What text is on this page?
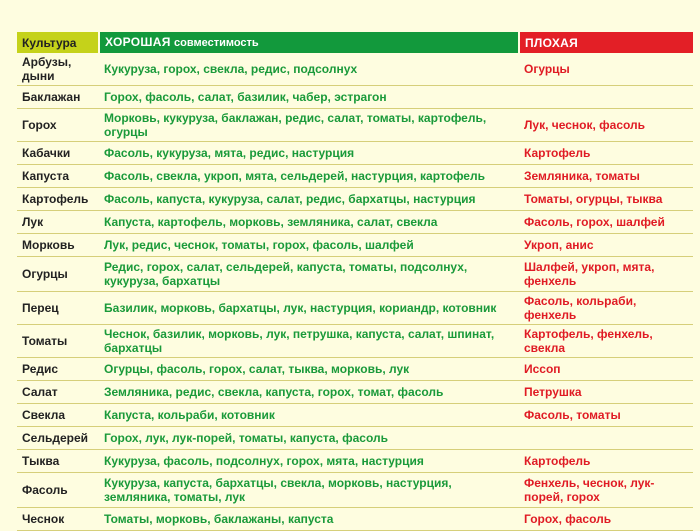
Культура	ХОРОШАЯ совместимость	ПЛОХАЯ
Арбузы, дыни	Кукуруза, горох, свекла, редис, подсолнух	Огурцы
Баклажан	Горох, фасоль, салат, базилик, чабер, эстрагон	
Горох	Морковь, кукуруза, баклажан, редис, салат, томаты, картофель, огурцы	Лук, чеснок, фасоль
Кабачки	Фасоль, кукуруза, мята, редис, настурция	Картофель
Капуста	Фасоль, свекла, укроп, мята, сельдерей, настурция, картофель	Земляника, томаты
Картофель	Фасоль, капуста, кукуруза, салат, редис, бархатцы, настурция	Томаты, огурцы, тыква
Лук	Капуста, картофель, морковь, земляника, салат, свекла	Фасоль, горох, шалфей
Морковь	Лук, редис, чеснок, томаты, горох, фасоль, шалфей	Укроп, анис
Огурцы	Редис, горох, салат, сельдерей, капуста, томаты, подсолнух, кукуруза, бархатцы	Шалфей, укроп, мята, фенхель
Перец	Базилик, морковь, бархатцы, лук, настурция, кориандр, котовник	Фасоль, кольраби, фенхель
Томаты	Чеснок, базилик, морковь, лук, петрушка, капуста, салат, шпинат, бархатцы	Картофель, фенхель, свекла
Редис	Огурцы, фасоль, горох, салат, тыква, морковь, лук	Иссоп
Салат	Земляника, редис, свекла, капуста, горох, томат, фасоль	Петрушка
Свекла	Капуста, кольраби, котовник	Фасоль, томаты
Сельдерей	Горох, лук, лук-порей, томаты, капуста, фасоль	
Тыква	Кукуруза, фасоль, подсолнух, горох, мята, настурция	Картофель
Фасоль	Кукуруза, капуста, бархатцы, свекла, морковь, настурция, земляника, томаты, лук	Фенхель, чеснок, лук-порей, горох
Чеснок	Томаты, морковь, баклажаны, капуста	Горох, фасоль
